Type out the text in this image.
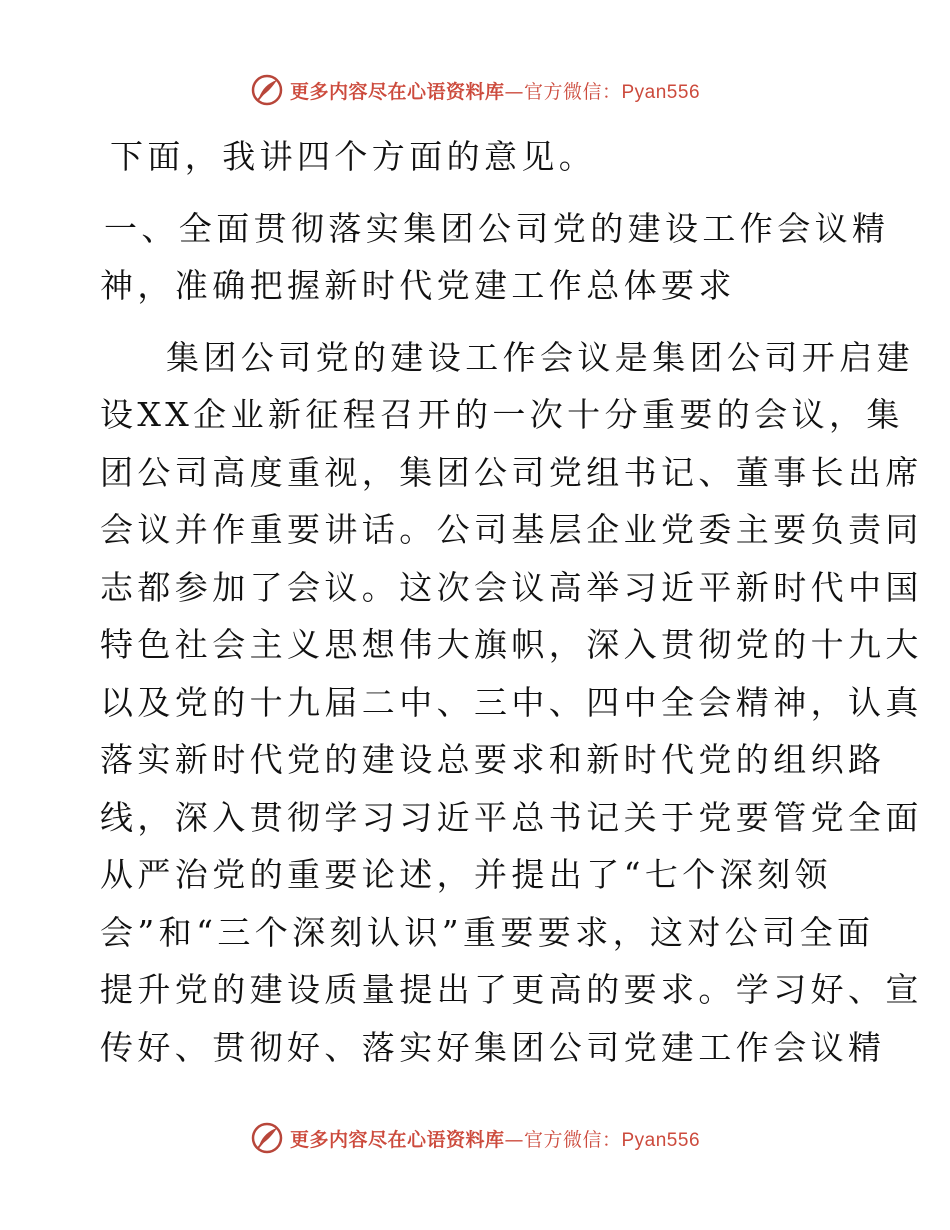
更多内容尽在心语资料库—官方微信：Pyan556
下面，我讲四个方面的意见。
一、全面贯彻落实集团公司党的建设工作会议精
神，准确把握新时代党建工作总体要求
集团公司党的建设工作会议是集团公司开启建
设XX企业新征程召开的一次十分重要的会议，集
团公司高度重视，集团公司党组书记、董事长出席
会议并作重要讲话。公司基层企业党委主要负责同
志都参加了会议。这次会议高举习近平新时代中国
特色社会主义思想伟大旗帜，深入贯彻党的十九大
以及党的十九届二中、三中、四中全会精神，认真
落实新时代党的建设总要求和新时代党的组织路
线，深入贯彻学习习近平总书记关于党要管党全面
从严治党的重要论述，并提出了“七个深刻领
会”和“三个深刻认识”重要要求，这对公司全面
提升党的建设质量提出了更高的要求。学习好、宣
传好、贯彻好、落实好集团公司党建工作会议精
更多内容尽在心语资料库—官方微信：Pyan556
